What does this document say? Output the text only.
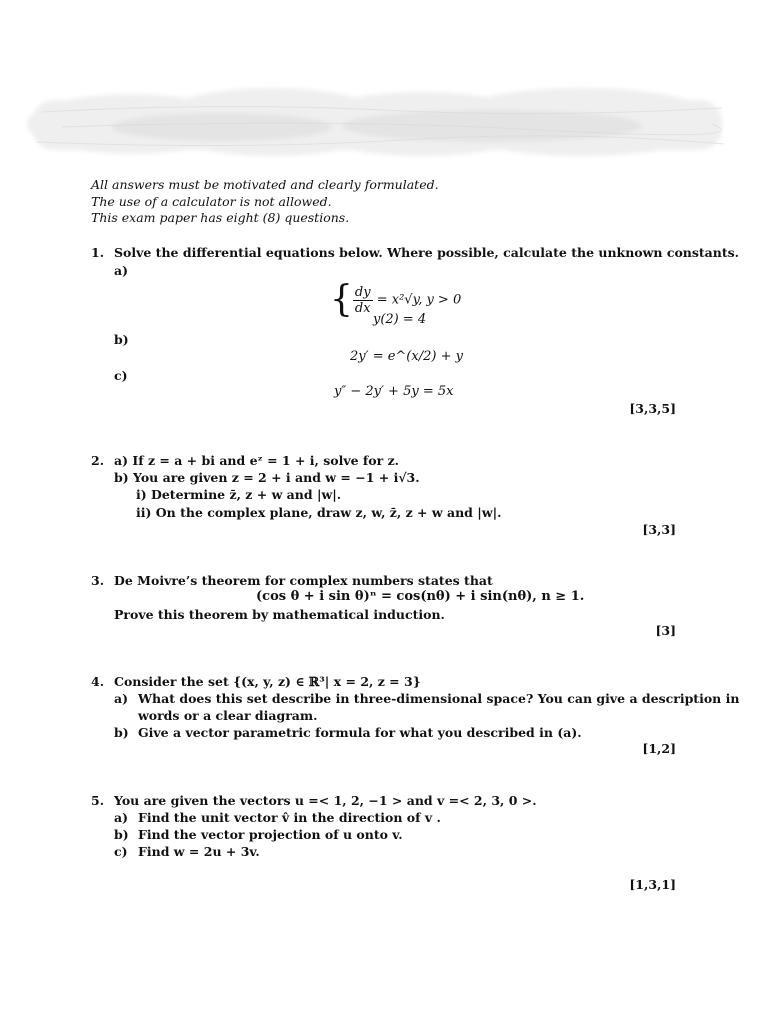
All answers must be motivated and clearly formulated.
The use of a calculator is not allowed.
This exam paper has eight (8) questions.
1. Solve the differential equations below. Where possible, calculate the unknown constants.
a)
{ $\frac{dy}{dx} = x^2√y$, y > 0
y(2) = 4
b)
2y′ = e^(x/2) + y
c)
y″ − 2y′ + 5y = 5x
[3,3,5]
2. a) If z = a + bi and eᶻ = 1 + i, solve for z.
b) You are given z = 2 + i and w = −1 + i√3.
i) Determine z̄, z + w and |w|.
ii) On the complex plane, draw z, w, z̄, z + w and |w|.
[3,3]
3. De Moivre’s theorem for complex numbers states that
(cos θ + i sin θ)ⁿ = cos(nθ) + i sin(nθ), n ≥ 1.
Prove this theorem by mathematical induction.
[3]
4. Consider the set {(x, y, z) ∈ ℝ³| x = 2, z = 3}
a) What does this set describe in three-dimensional space? You can give a description in
words or a clear diagram.
b) Give a vector parametric formula for what you described in (a).
[1,2]
5. You are given the vectors u =< 1, 2, −1 > and v =< 2, 3, 0 >.
a) Find the unit vector v̂ in the direction of v .
b) Find the vector projection of u onto v.
c) Find w = 2u + 3v.
[1,3,1]
